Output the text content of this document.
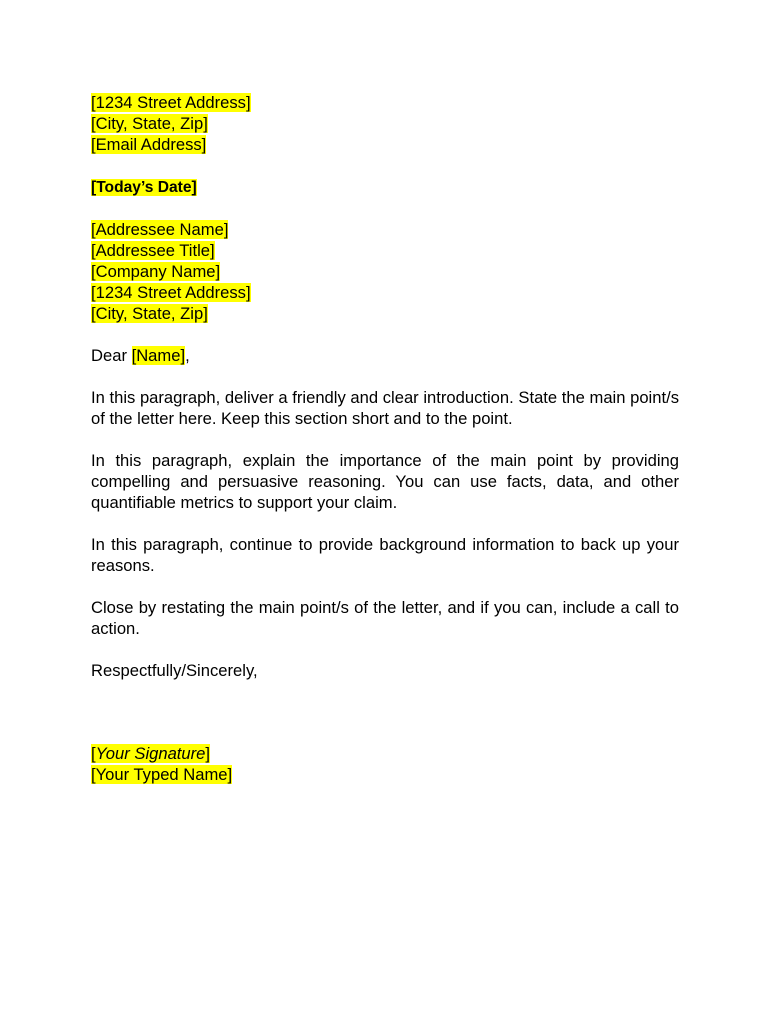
[1234 Street Address]
[City, State, Zip]
[Email Address]
[Today’s Date]
[Addressee Name]
[Addressee Title]
[Company Name]
[1234 Street Address]
[City, State, Zip]
Dear [Name],

In this paragraph, deliver a friendly and clear introduction. State the main point/s of the letter here. Keep this section short and to the point.

In this paragraph, explain the importance of the main point by providing compelling and persuasive reasoning. You can use facts, data, and other quantifiable metrics to support your claim.

In this paragraph, continue to provide background information to back up your reasons.

Close by restating the main point/s of the letter, and if you can, include a call to action.

Respectfully/Sincerely,
[Your Signature]
[Your Typed Name]
